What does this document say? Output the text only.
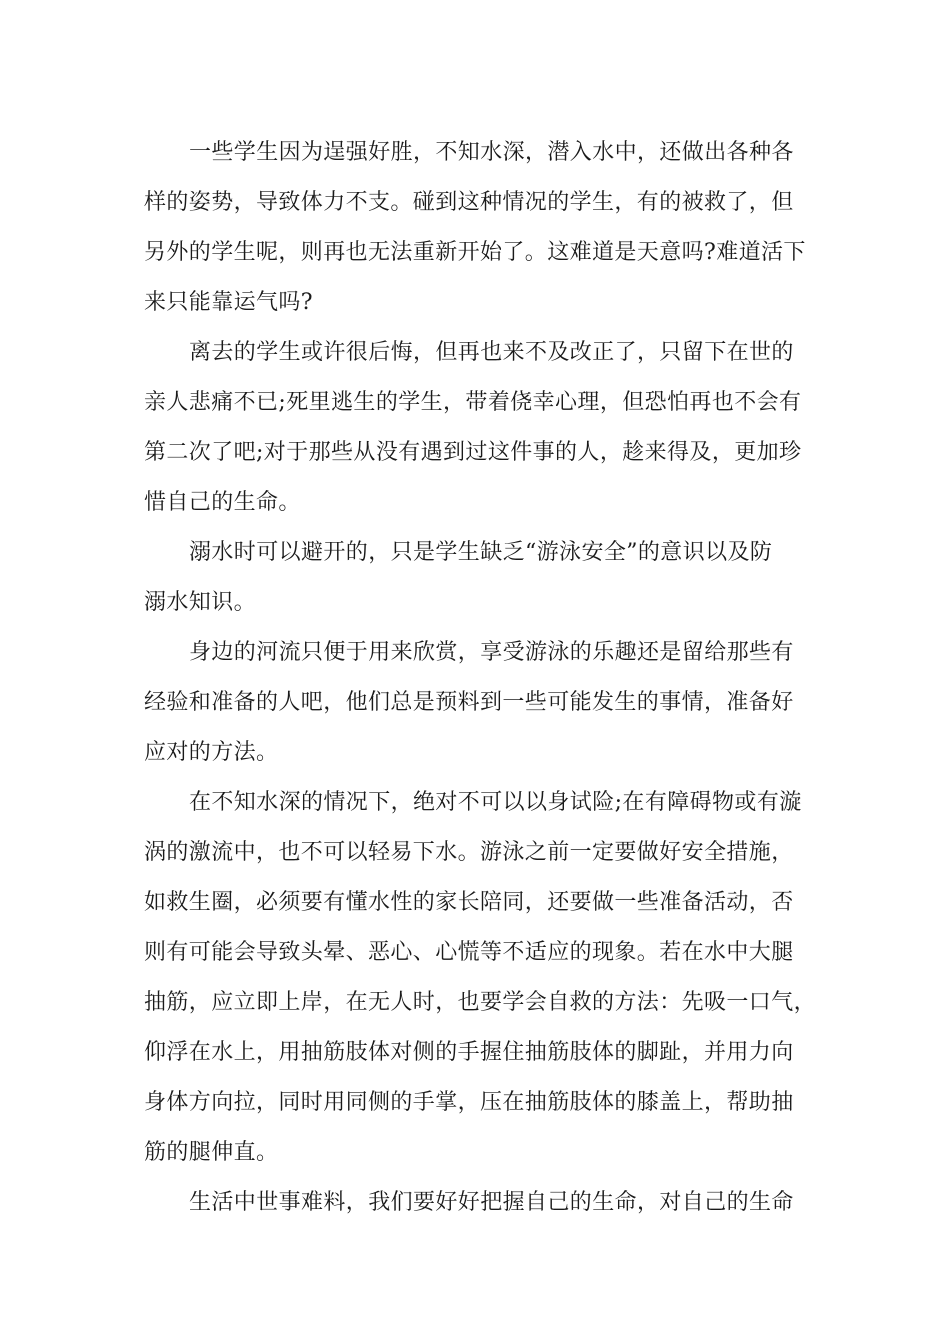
一些学生因为逞强好胜，不知水深，潜入水中，还做出各种各
样的姿势，导致体力不支。碰到这种情况的学生，有的被救了，但
另外的学生呢，则再也无法重新开始了。这难道是天意吗?难道活下
来只能靠运气吗?
离去的学生或许很后悔，但再也来不及改正了，只留下在世的
亲人悲痛不已;死里逃生的学生，带着侥幸心理，但恐怕再也不会有
第二次了吧;对于那些从没有遇到过这件事的人，趁来得及，更加珍
惜自己的生命。
溺水时可以避开的，只是学生缺乏“游泳安全”的意识以及防
溺水知识。
身边的河流只便于用来欣赏，享受游泳的乐趣还是留给那些有
经验和准备的人吧，他们总是预料到一些可能发生的事情，准备好
应对的方法。
在不知水深的情况下，绝对不可以以身试险;在有障碍物或有漩
涡的激流中，也不可以轻易下水。游泳之前一定要做好安全措施，
如救生圈，必须要有懂水性的家长陪同，还要做一些准备活动，否
则有可能会导致头晕、恶心、心慌等不适应的现象。若在水中大腿
抽筋，应立即上岸，在无人时，也要学会自救的方法：先吸一口气，
仰浮在水上，用抽筋肢体对侧的手握住抽筋肢体的脚趾，并用力向
身体方向拉，同时用同侧的手掌，压在抽筋肢体的膝盖上，帮助抽
筋的腿伸直。
生活中世事难料，我们要好好把握自己的生命，对自己的生命
